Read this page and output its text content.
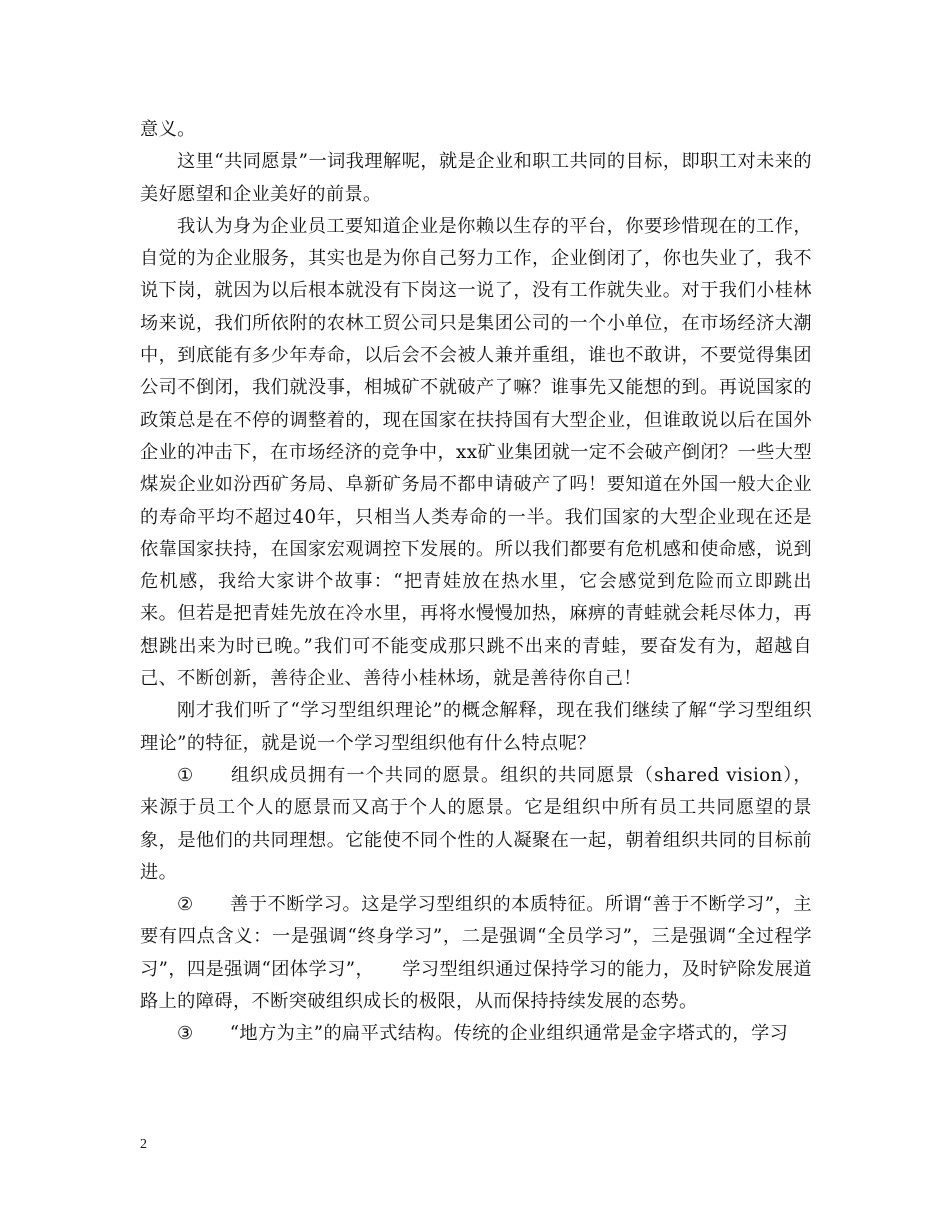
意义。

这里“共同愿景”一词我理解呢，就是企业和职工共同的目标，即职工对未来的美好愿望和企业美好的前景。

我认为身为企业员工要知道企业是你赖以生存的平台，你要珍惜现在的工作，自觉的为企业服务，其实也是为你自己努力工作，企业倒闭了，你也失业了，我不说下岗，就因为以后根本就没有下岗这一说了，没有工作就失业。对于我们小桂林场来说，我们所依附的农林工贸公司只是集团公司的一个小单位，在市场经济大潮中，到底能有多少年寿命，以后会不会被人兼并重组，谁也不敢讲，不要觉得集团公司不倒闭，我们就没事，相城矿不就破产了嘛？谁事先又能想的到。再说国家的政策总是在不停的调整着的，现在国家在扶持国有大型企业，但谁敢说以后在国外企业的冲击下，在市场经济的竞争中，xx矿业集团就一定不会破产倒闭？一些大型煤炭企业如汾西矿务局、阜新矿务局不都申请破产了吗！要知道在外国一般大企业的寿命平均不超过40年，只相当人类寿命的一半。我们国家的大型企业现在还是依靠国家扶持，在国家宏观调控下发展的。所以我们都要有危机感和使命感，说到危机感，我给大家讲个故事：“把青娃放在热水里，它会感觉到危险而立即跳出来。但若是把青娃先放在冷水里，再将水慢慢加热，麻痹的青蛙就会耗尽体力，再想跳出来为时已晚。”我们可不能变成那只跳不出来的青蛙，要奋发有为，超越自己、不断创新，善待企业、善待小桂林场，就是善待你自己！

刚才我们听了“学习型组织理论”的概念解释，现在我们继续了解“学习型组织理论”的特征，就是说一个学习型组织他有什么特点呢？

① 组织成员拥有一个共同的愿景。组织的共同愿景（shared vision），来源于员工个人的愿景而又高于个人的愿景。它是组织中所有员工共同愿望的景象，是他们的共同理想。它能使不同个性的人凝聚在一起，朝着组织共同的目标前进。

② 善于不断学习。这是学习型组织的本质特征。所谓“善于不断学习”，主要有四点含义：一是强调“终身学习”，二是强调“全员学习”，三是强调“全过程学习”，四是强调“团体学习”，　　学习型组织通过保持学习的能力，及时铲除发展道路上的障碍，不断突破组织成长的极限，从而保持持续发展的态势。

③ “地方为主”的扁平式结构。传统的企业组织通常是金字塔式的，学习

2
